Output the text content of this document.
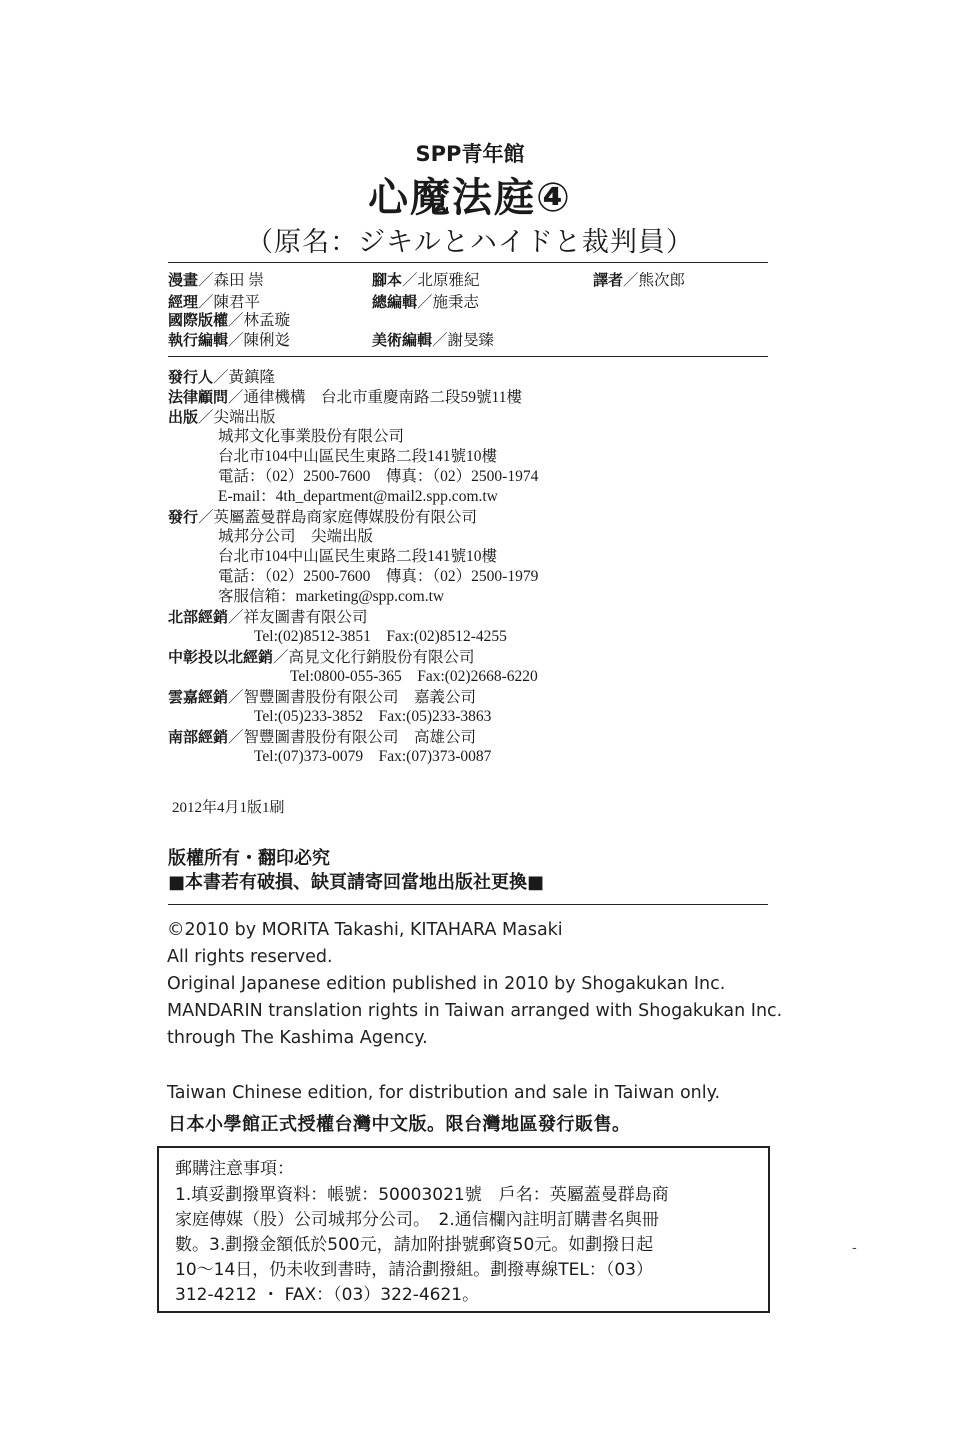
SPP青年館
心魔法庭④
（原名：ジキルとハイドと裁判員）
漫畫／森田 崇	腳本／北原雅紀	譯者／熊次郎
經理／陳君平	總編輯／施秉志
國際版權／林孟璇
執行編輯／陳俐彣	美術編輯／謝旻臻
發行人／黃鎮隆
法律顧問／通律機構　台北市重慶南路二段59號11樓
出版／尖端出版
城邦文化事業股份有限公司
台北市104中山區民生東路二段141號10樓
電話：（02）2500-7600　傳真：（02）2500-1974
E-mail：4th_department@mail2.spp.com.tw
發行／英屬蓋曼群島商家庭傳媒股份有限公司
城邦分公司　尖端出版
台北市104中山區民生東路二段141號10樓
電話：（02）2500-7600　傳真：（02）2500-1979
客服信箱：marketing@spp.com.tw
北部經銷／祥友圖書有限公司
Tel:(02)8512-3851　Fax:(02)8512-4255
中彰投以北經銷／高見文化行銷股份有限公司
Tel:0800-055-365　Fax:(02)2668-6220
雲嘉經銷／智豐圖書股份有限公司　嘉義公司
Tel:(05)233-3852　Fax:(05)233-3863
南部經銷／智豐圖書股份有限公司　高雄公司
Tel:(07)373-0079　Fax:(07)373-0087
2012年4月1版1刷
版權所有・翻印必究
■本書若有破損、缺頁請寄回當地出版社更換■
©2010 by MORITA Takashi, KITAHARA Masaki
All rights reserved.
Original Japanese edition published in 2010 by Shogakukan Inc.
MANDARIN translation rights in Taiwan arranged with Shogakukan Inc.
through The Kashima Agency.
Taiwan Chinese edition, for distribution and sale in Taiwan only.
日本小學館正式授權台灣中文版。限台灣地區發行販售。
郵購注意事項：
1.填妥劃撥單資料：帳號：50003021號　戶名：英屬蓋曼群島商
家庭傳媒（股）公司城邦分公司。　2.通信欄內註明訂購書名與冊
數。3.劃撥金額低於500元，請加附掛號郵資50元。如劃撥日起
10～14日，仍未收到書時，請洽劃撥組。劃撥專線TEL：（03）
312-4212 ・ FAX：（03）322-4621。
-
